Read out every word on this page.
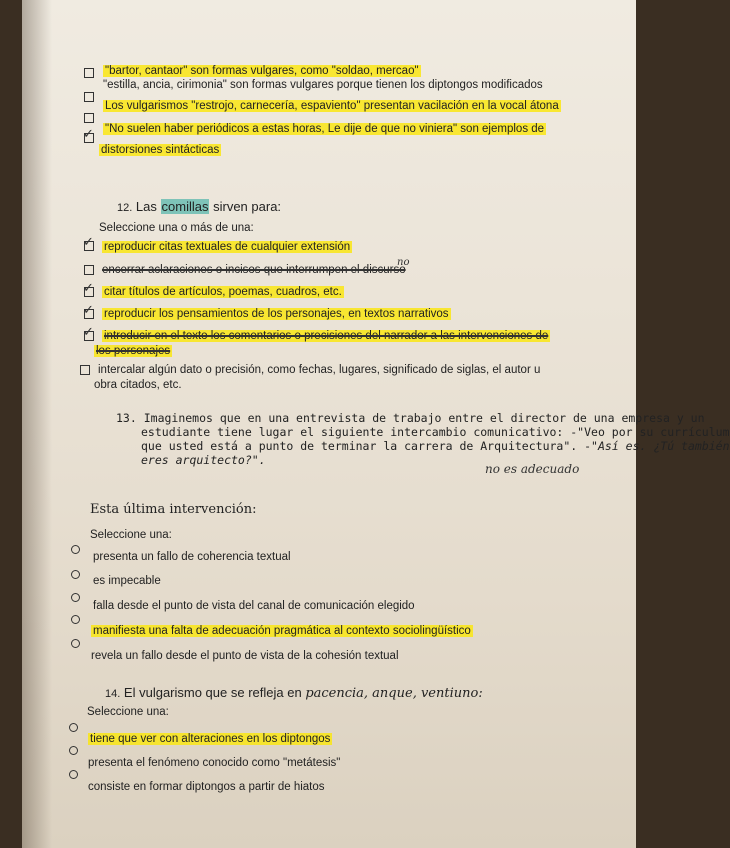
"bartor, cantaor" son formas vulgares, como "soldao, mercao"
"estilla, ancia, cirimonia" son formas vulgares porque tienen los diptongos modificados
Los vulgarismos "restrojo, carnecería, espaviento" presentan vacilación en la vocal átona
✓ "No suelen haber periódicos a estas horas, Le dije de que no viniera" son ejemplos de
distorsiones sintácticas
12. Las comillas sirven para:
Seleccione una o más de una:
✓ reproducir citas textuales de cualquier extensión
encerrar aclaraciones o incisos que interrumpen el discurso
no
✓ citar títulos de artículos, poemas, cuadros, etc.
✓ reproducir los pensamientos de los personajes, en textos narrativos
✓ introducir en el texto los comentarios o precisiones del narrador a las intervenciones de
los personajes
intercalar algún dato o precisión, como fechas, lugares, significado de siglas, el autor u
obra citados, etc.
13. Imaginemos que en una entrevista de trabajo entre el director de una empresa y un
estudiante tiene lugar el siguiente intercambio comunicativo: -"Veo por su currículum
que usted está a punto de terminar la carrera de Arquitectura". -"Así es. ¿Tú también
eres arquitecto?".
no es adecuado
Esta última intervención:
Seleccione una:
presenta un fallo de coherencia textual
es impecable
falla desde el punto de vista del canal de comunicación elegido
manifiesta una falta de adecuación pragmática al contexto sociolingüístico
revela un fallo desde el punto de vista de la cohesión textual
14. El vulgarismo que se refleja en pacencia, anque, ventiuno:
Seleccione una:
tiene que ver con alteraciones en los diptongos
presenta el fenómeno conocido como "metátesis"
consiste en formar diptongos a partir de hiatos
